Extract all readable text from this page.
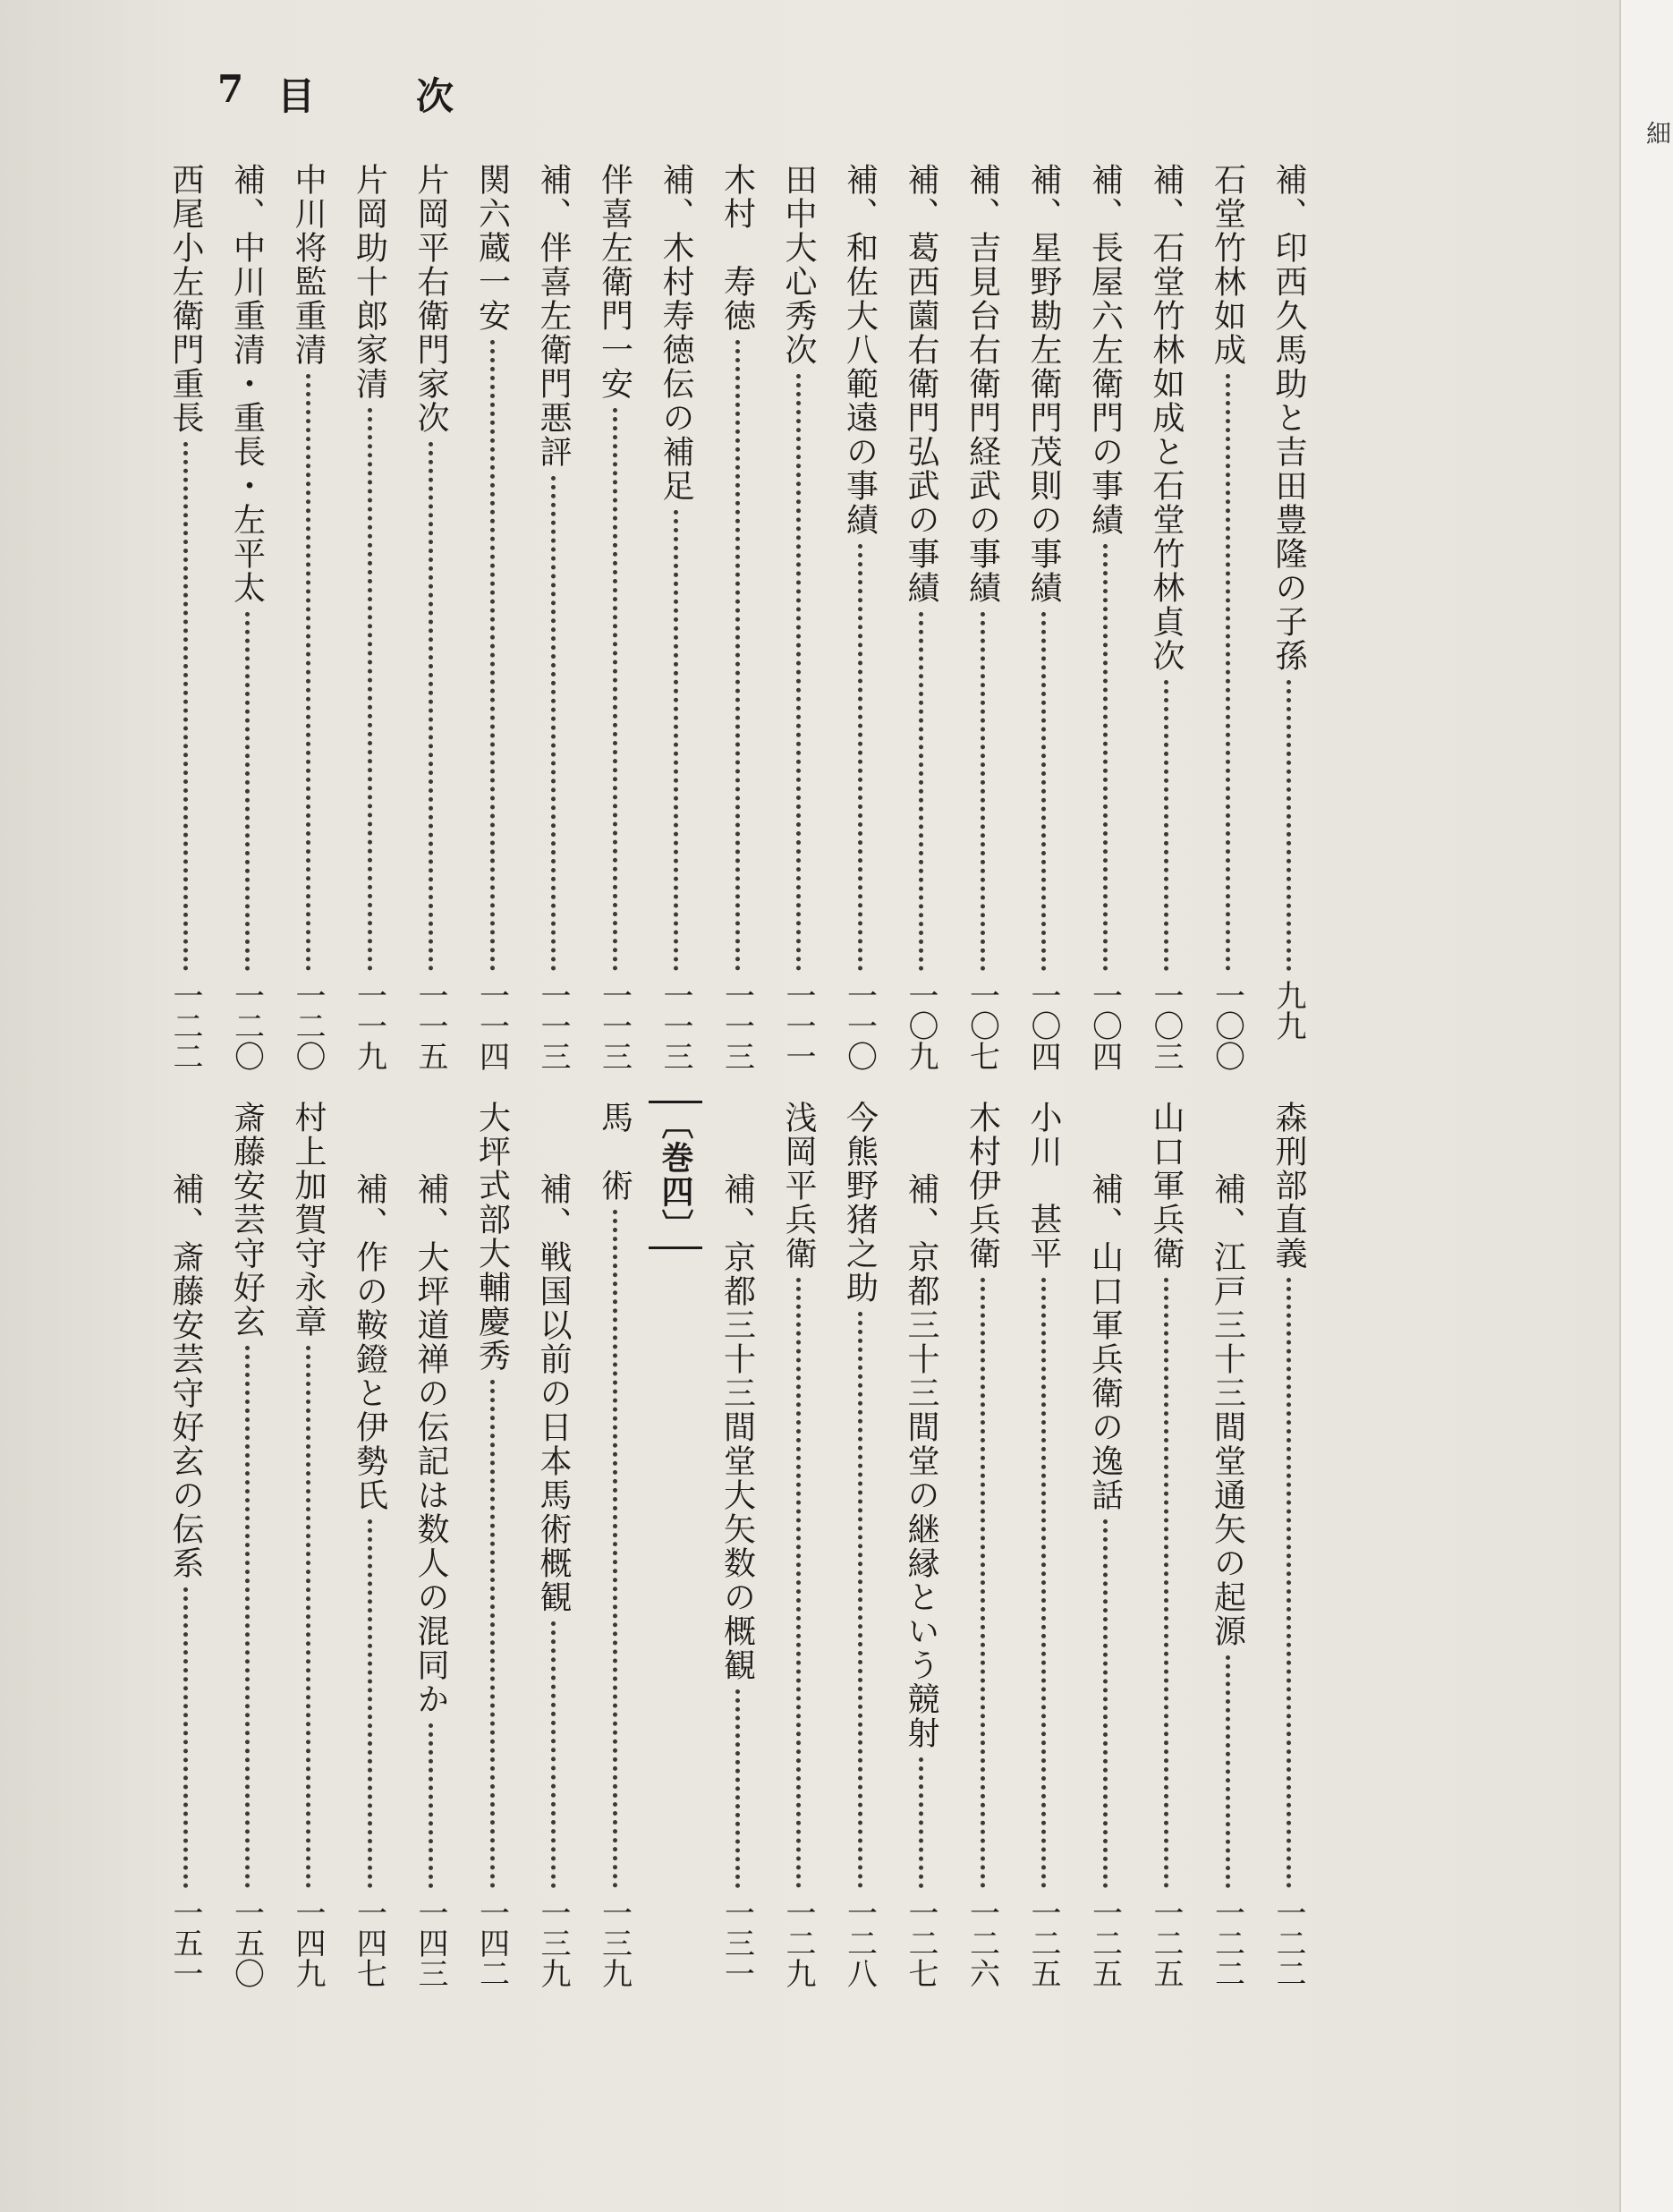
細
7 目	次
補、印西久馬助と吉田豊隆の子孫
九九
石堂竹林如成
一〇〇
補、石堂竹林如成と石堂竹林貞次
一〇三
補、長屋六左衛門の事績
一〇四
補、星野勘左衛門茂則の事績
一〇四
補、吉見台右衛門経武の事績
一〇七
補、葛西薗右衛門弘武の事績
一〇九
補、和佐大八範遠の事績
一一〇
田中大心秀次
一一一
木村　寿徳
一一三
補、木村寿徳伝の補足
一一三
伴喜左衛門一安
一一三
補、伴喜左衛門悪評
一一三
関六蔵一安
一一四
片岡平右衛門家次
一一五
片岡助十郎家清
一一九
中川将監重清
一二〇
補、中川重清・重長・左平太
一二〇
西尾小左衛門重長
一二二
森刑部直義
一二二
補、江戸三十三間堂通矢の起源
一二二
山口軍兵衛
一二五
補、山口軍兵衛の逸話
一二五
小川　甚平
一二五
木村伊兵衛
一二六
補、京都三十三間堂の継縁という競射
一二七
今熊野猪之助
一二八
浅岡平兵衛
一二九
補、京都三十三間堂大矢数の概観
一三一
〔巻四〕
馬　術
一三九
補、戦国以前の日本馬術概観
一三九
大坪式部大輔慶秀
一四二
補、大坪道禅の伝記は数人の混同か
一四三
補、作の鞍鐙と伊勢氏
一四七
村上加賀守永章
一四九
斎藤安芸守好玄
一五〇
補、斎藤安芸守好玄の伝系
一五一
